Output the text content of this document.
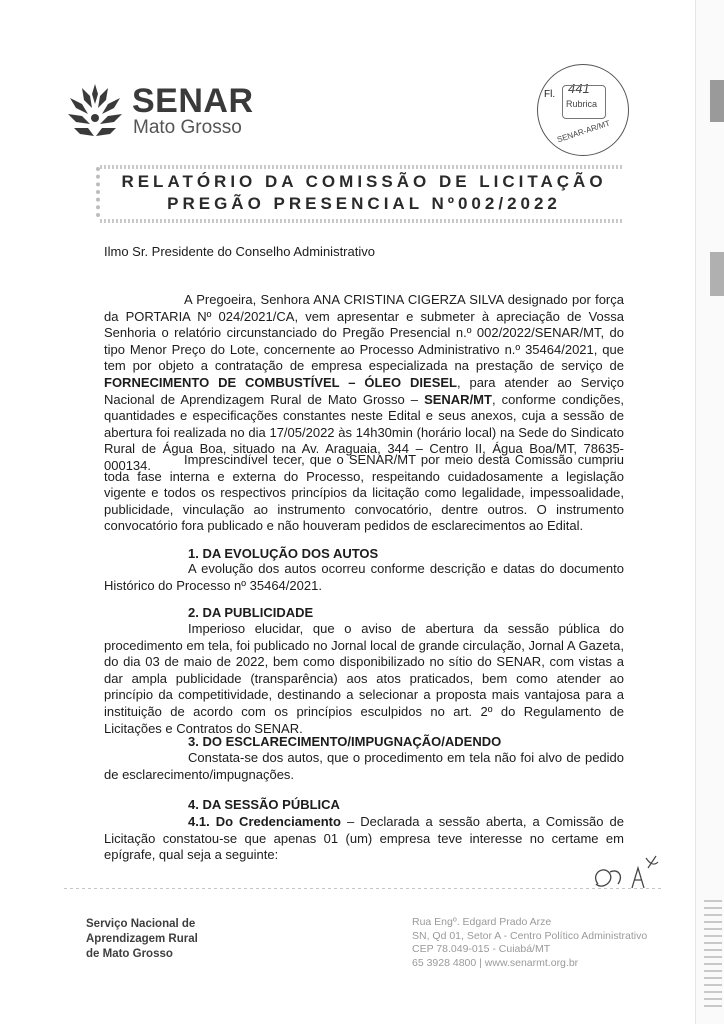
SENAR
Mato Grosso
Fl. 441
Rubrica
SENAR-AR/MT
RELATÓRIO DA COMISSÃO DE LICITAÇÃO
PREGÃO PRESENCIAL Nº002/2022
Ilmo Sr. Presidente do Conselho Administrativo
A Pregoeira, Senhora ANA CRISTINA CIGERZA SILVA designado por força da PORTARIA Nº 024/2021/CA, vem apresentar e submeter à apreciação de Vossa Senhoria o relatório circunstanciado do Pregão Presencial n.º 002/2022/SENAR/MT, do tipo Menor Preço do Lote, concernente ao Processo Administrativo n.º 35464/2021, que tem por objeto a contratação de empresa especializada na prestação de serviço de FORNECIMENTO DE COMBUSTÍVEL – ÓLEO DIESEL, para atender ao Serviço Nacional de Aprendizagem Rural de Mato Grosso – SENAR/MT, conforme condições, quantidades e especificações constantes neste Edital e seus anexos, cuja a sessão de abertura foi realizada no dia 17/05/2022 às 14h30min (horário local) na Sede do Sindicato Rural de Água Boa, situado na Av. Araguaia, 344 – Centro II, Água Boa/MT, 78635-000134.	Imprescindível tecer, que o SENAR/MT por meio desta Comissão cumpriu toda fase interna e externa do Processo, respeitando cuidadosamente a legislação vigente e todos os respectivos princípios da licitação como legalidade, impessoalidade, publicidade, vinculação ao instrumento convocatório, dentre outros. O instrumento convocatório fora publicado e não houveram pedidos de esclarecimentos ao Edital.
1. DA EVOLUÇÃO DOS AUTOS
A evolução dos autos ocorreu conforme descrição e datas do documento Histórico do Processo nº 35464/2021.
2. DA PUBLICIDADE
Imperioso elucidar, que o aviso de abertura da sessão pública do procedimento em tela, foi publicado no Jornal local de grande circulação, Jornal A Gazeta, do dia 03 de maio de 2022, bem como disponibilizado no sítio do SENAR, com vistas a dar ampla publicidade (transparência) aos atos praticados, bem como atender ao princípio da competitividade, destinando a selecionar a proposta mais vantajosa para a instituição de acordo com os princípios esculpidos no art. 2º do Regulamento de Licitações e Contratos do SENAR.
3. DO ESCLARECIMENTO/IMPUGNAÇÃO/ADENDO
Constata-se dos autos, que o procedimento em tela não foi alvo de pedido de esclarecimento/impugnações.
4. DA SESSÃO PÚBLICA
4.1. Do Credenciamento – Declarada a sessão aberta, a Comissão de Licitação constatou-se que apenas 01 (um) empresa teve interesse no certame em epígrafe, qual seja a seguinte:
Serviço Nacional de
Aprendizagem Rural
de Mato Grosso
Rua Engº. Edgard Prado Arze
SN, Qd 01, Setor A - Centro Político Administrativo
CEP 78.049-015 - Cuiabá/MT
65 3928 4800 | www.senarmt.org.br
